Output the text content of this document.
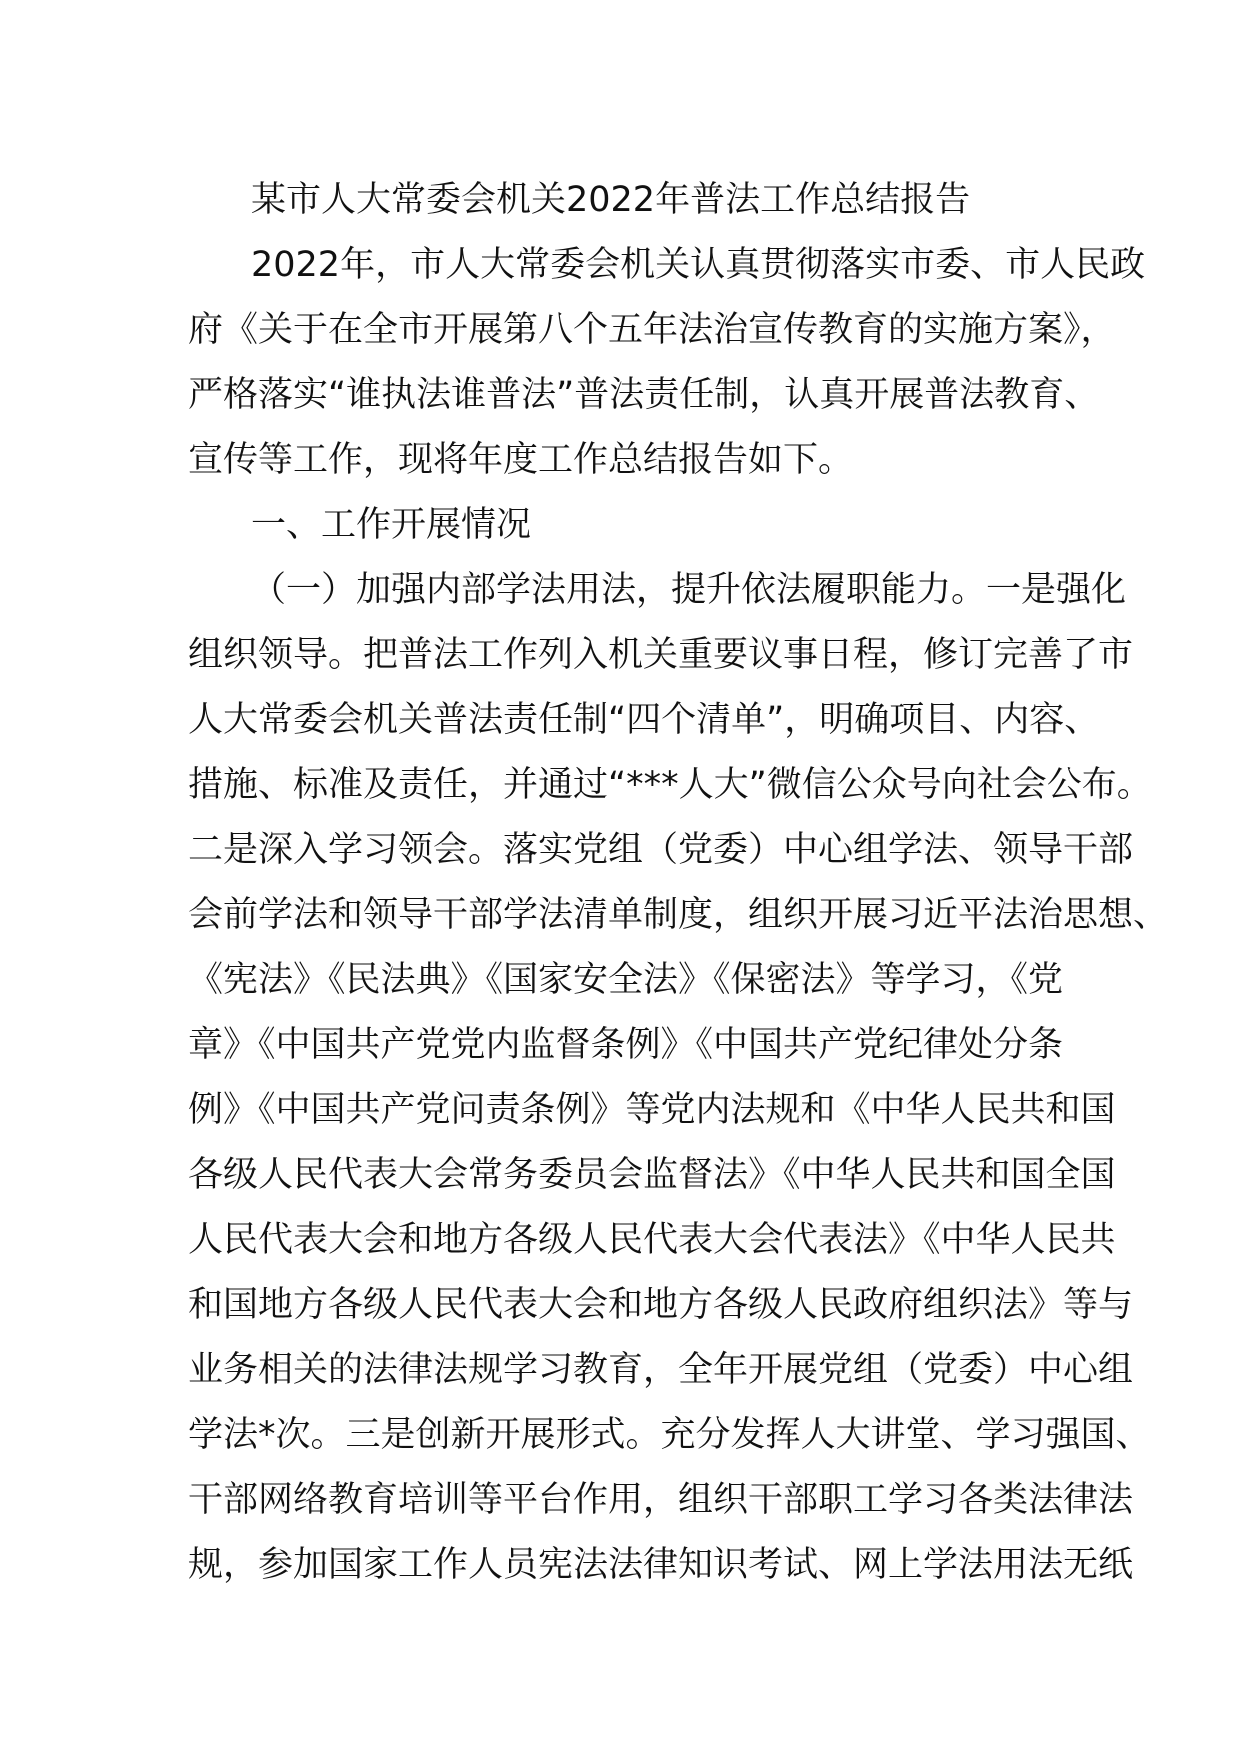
某市人大常委会机关2022年普法工作总结报告
2022年，市人大常委会机关认真贯彻落实市委、市人民政
府《关于在全市开展第八个五年法治宣传教育的实施方案》，
严格落实“谁执法谁普法”普法责任制，认真开展普法教育、
宣传等工作，现将年度工作总结报告如下。
一、工作开展情况
（一）加强内部学法用法，提升依法履职能力。一是强化
组织领导。把普法工作列入机关重要议事日程，修订完善了市
人大常委会机关普法责任制“四个清单”，明确项目、内容、
措施、标准及责任，并通过“***人大”微信公众号向社会公布。
二是深入学习领会。落实党组（党委）中心组学法、领导干部
会前学法和领导干部学法清单制度，组织开展习近平法治思想、
《宪法》《民法典》《国家安全法》《保密法》等学习，《党
章》《中国共产党党内监督条例》《中国共产党纪律处分条
例》《中国共产党问责条例》等党内法规和《中华人民共和国
各级人民代表大会常务委员会监督法》《中华人民共和国全国
人民代表大会和地方各级人民代表大会代表法》《中华人民共
和国地方各级人民代表大会和地方各级人民政府组织法》等与
业务相关的法律法规学习教育，全年开展党组（党委）中心组
学法*次。三是创新开展形式。充分发挥人大讲堂、学习强国、
干部网络教育培训等平台作用，组织干部职工学习各类法律法
规，参加国家工作人员宪法法律知识考试、网上学法用法无纸
